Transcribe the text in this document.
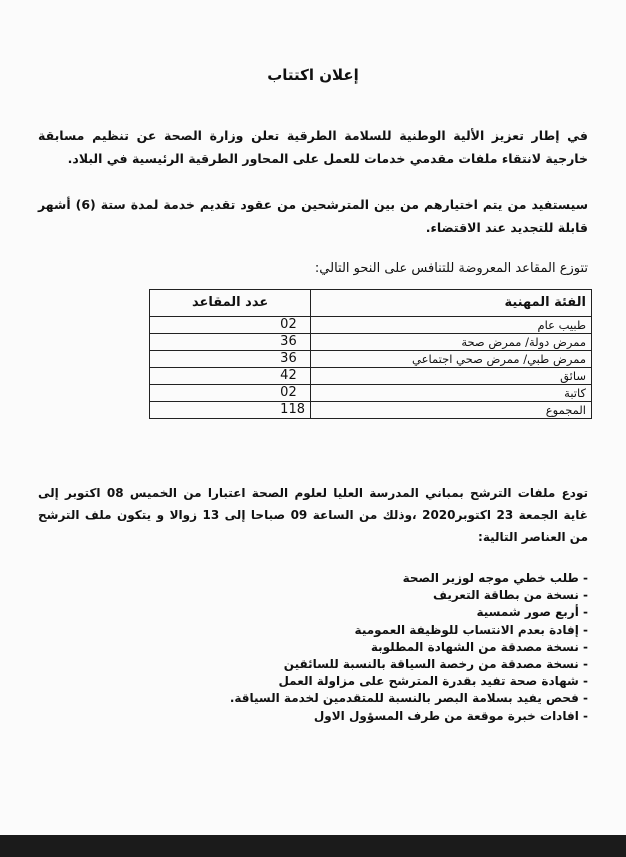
إعلان اكتتاب
في إطار تعزيز الألية الوطنية للسلامة الطرقية تعلن وزارة الصحة عن تنظيم مسابقة خارجية لانتقاء ملفات مقدمي خدمات للعمل على المحاور الطرقية الرئيسية في البلاد.
سيستفيد من يتم اختيارهم من بين المترشحين من عقود تقديم خدمة لمدة ستة (6) أشهر قابلة للتجديد عند الاقتضاء.
تتوزع المقاعد المعروضة للتنافس على النحو التالي:
الفئة المهنية	عدد المقاعد
طبيب عام	02
ممرض دولة/ ممرض صحة	36
ممرض طبي/ ممرض صحي اجتماعي	36
سائق	42
كاتبة	02
المجموع	118
تودع ملفات الترشح بمباني المدرسة العليا لعلوم الصحة اعتبارا من الخميس 08 اكتوبر إلى غاية الجمعة 23 اكتوبر2020 ،وذلك من الساعة 09 صباحا إلى 13 زوالا و يتكون ملف الترشح من العناصر التالية:
- طلب خطي موجه لوزير الصحة
- نسخة من بطاقة التعريف
- أربع صور شمسية
- إفادة بعدم الانتساب للوظيفة العمومية
- نسخة مصدقة من الشهادة المطلوبة
- نسخة مصدقة من رخصة السياقة بالنسبة للسائقين
- شهادة صحة تفيد بقدرة المترشح على مزاولة العمل
- فحص يفيد بسلامة البصر بالنسبة للمتقدمين لخدمة السياقة.
- افادات خبرة موقعة من طرف المسؤول الاول
